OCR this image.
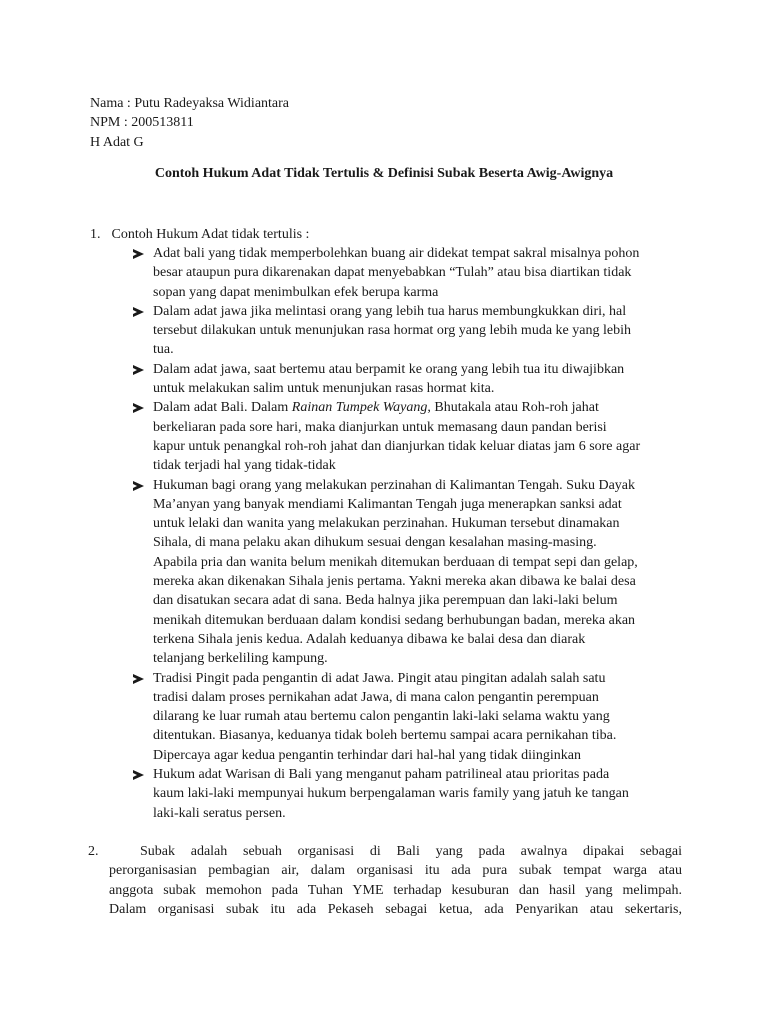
Nama : Putu Radeyaksa Widiantara
NPM : 200513811
H Adat G
Contoh Hukum Adat Tidak Tertulis & Definisi Subak Beserta Awig-Awignya
1. Contoh Hukum Adat tidak tertulis :
Adat bali yang tidak memperbolehkan buang air didekat tempat sakral misalnya pohon
besar ataupun pura dikarenakan dapat menyebabkan “Tulah” atau bisa diartikan tidak
sopan yang dapat menimbulkan efek berupa karma
Dalam adat jawa jika melintasi orang yang lebih tua harus membungkukkan diri, hal
tersebut dilakukan untuk menunjukan rasa hormat org yang lebih muda ke yang lebih
tua.
Dalam adat jawa, saat bertemu atau berpamit ke orang yang lebih tua itu diwajibkan
untuk melakukan salim untuk menunjukan rasas hormat kita.
Dalam adat Bali. Dalam Rainan Tumpek Wayang, Bhutakala atau Roh-roh jahat
berkeliaran pada sore hari, maka dianjurkan untuk memasang daun pandan berisi
kapur untuk penangkal roh-roh jahat dan dianjurkan tidak keluar diatas jam 6 sore agar
tidak terjadi hal yang tidak-tidak
Hukuman bagi orang yang melakukan perzinahan di Kalimantan Tengah. Suku Dayak
Ma’anyan yang banyak mendiami Kalimantan Tengah juga menerapkan sanksi adat
untuk lelaki dan wanita yang melakukan perzinahan. Hukuman tersebut dinamakan
Sihala, di mana pelaku akan dihukum sesuai dengan kesalahan masing-masing.
Apabila pria dan wanita belum menikah ditemukan berduaan di tempat sepi dan gelap,
mereka akan dikenakan Sihala jenis pertama. Yakni mereka akan dibawa ke balai desa
dan disatukan secara adat di sana. Beda halnya jika perempuan dan laki-laki belum
menikah ditemukan berduaan dalam kondisi sedang berhubungan badan, mereka akan
terkena Sihala jenis kedua. Adalah keduanya dibawa ke balai desa dan diarak
telanjang berkeliling kampung.
Tradisi Pingit pada pengantin di adat Jawa. Pingit atau pingitan adalah salah satu
tradisi dalam proses pernikahan adat Jawa, di mana calon pengantin perempuan
dilarang ke luar rumah atau bertemu calon pengantin laki-laki selama waktu yang
ditentukan. Biasanya, keduanya tidak boleh bertemu sampai acara pernikahan tiba.
Dipercaya agar kedua pengantin terhindar dari hal-hal yang tidak diinginkan
Hukum adat Warisan di Bali yang menganut paham patrilineal atau prioritas pada
kaum laki-laki mempunyai hukum berpengalaman waris family yang jatuh ke tangan
laki-kali seratus persen.
2.	Subak adalah sebuah organisasi di Bali yang pada awalnya dipakai sebagai
perorganisasian pembagian air, dalam organisasi itu ada pura subak tempat warga atau
anggota subak memohon pada Tuhan YME terhadap kesuburan dan hasil yang melimpah.
Dalam organisasi subak itu ada Pekaseh sebagai ketua, ada Penyarikan atau sekertaris,
